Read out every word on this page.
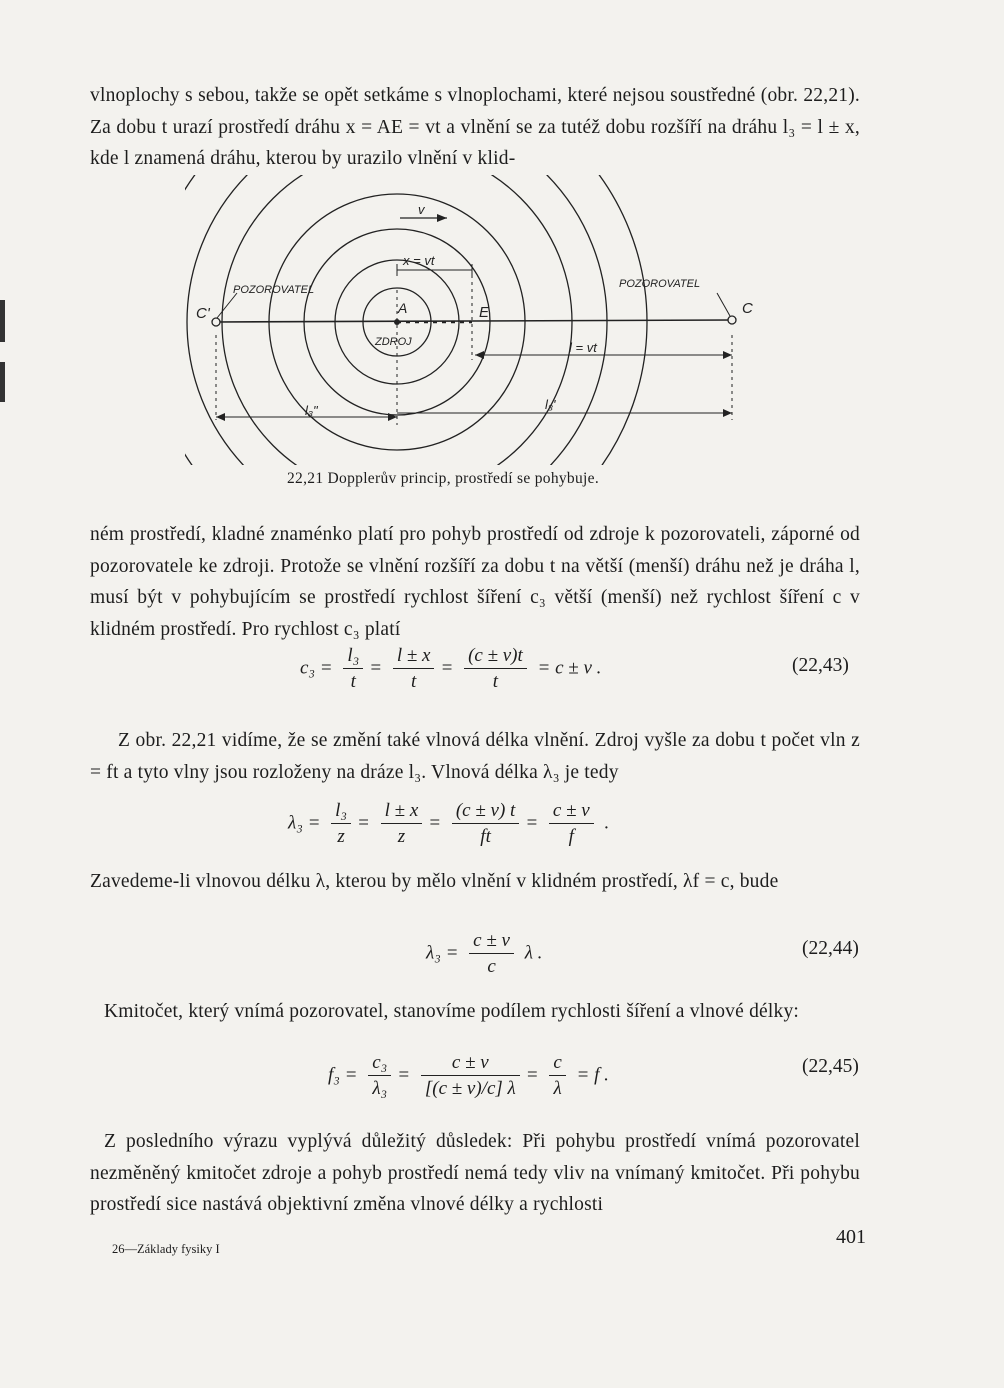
vlnoplochy s sebou, takže se opět setkáme s vlnoplochami, které nejsou soustředné (obr. 22,21). Za dobu t urazí prostředí dráhu x = AE = vt a vlnění se za tutéž dobu rozšíří na dráhu l₃ = l ± x, kde l znamená dráhu, kterou by urazilo vlnění v klid-

v
x = vt
POZOROVATEL	POZOROVATEL
C'	C
A	E
ZDROJ	l = vt
l₃"	l₃'
22,21 Dopplerův princip, prostředí se pohybuje.

ném prostředí, kladné znaménko platí pro pohyb prostředí od zdroje k pozorovateli, záporné od pozorovatele ke zdroji. Protože se vlnění rozšíří za dobu t na větší (menší) dráhu než je dráha l, musí být v pohybujícím se prostředí rychlost šíření c₃ větší (menší) než rychlost šíření c v klidném prostředí. Pro rychlost c₃ platí

$c_3 = \frac{\text{l₃}}{t} = \frac{l \pm x}{t} = \frac{(c \pm v)t}{t} = c \pm v$ .	(22,43)

Z obr. 22,21 vidíme, že se změní také vlnová délka vlnění. Zdroj vyšle za dobu t počet vln z = ft a tyto vlny jsou rozloženy na dráze l₃. Vlnová délka λ₃ je tedy

$\lambda_3 = \frac{\text{l₃}}{z} = \frac{l \pm x}{z} = \frac{(c \pm v) t}{ft} = \frac{c \pm v}{f}$ .

Zavedeme-li vlnovou délku λ, kterou by mělo vlnění v klidném prostředí, λf = c, bude

$\lambda_3 = \frac{c \pm v}{c}$ λ .	(22,44)

Kmitočet, který vnímá pozorovatel, stanovíme podílem rychlosti šíření a vlnové délky:

$f_3 = \frac{\text{c₃}}{\text{λ₃}} = \frac{c \pm v}{[(c \pm v)/c] \lambda} = \frac{c}{\lambda} = f$ .	(22,45)

Z posledního výrazu vyplývá důležitý důsledek: Při pohybu prostředí vnímá pozorovatel nezměněný kmitočet zdroje a pohyb prostředí nemá tedy vliv na vnímaný kmitočet. Při pohybu prostředí sice nastává objektivní změna vlnové délky a rychlosti

26—Základy fysiky I
401
